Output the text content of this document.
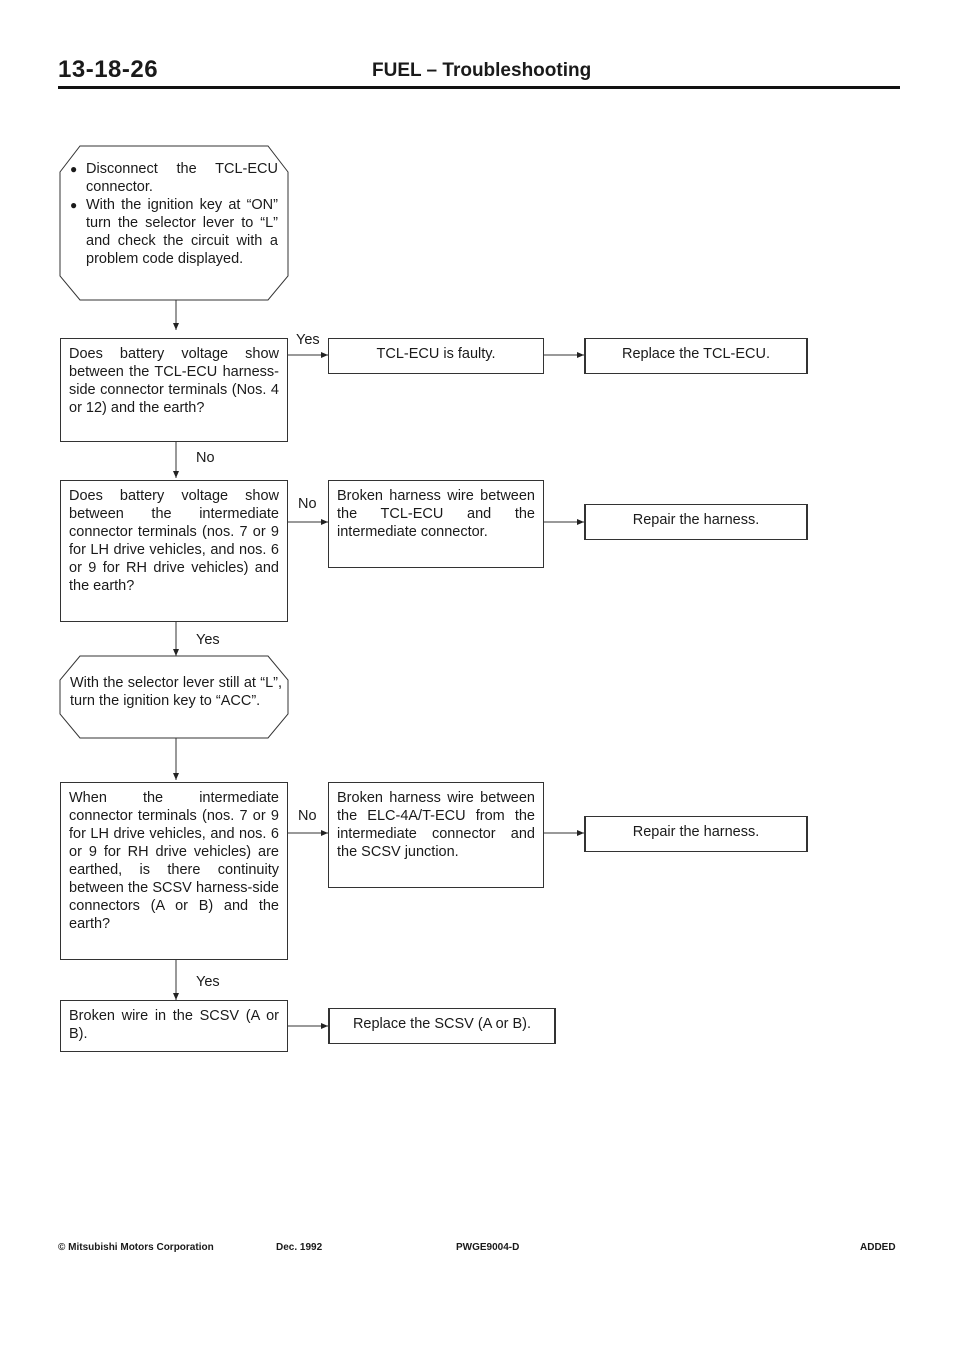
13-18-26	FUEL – Troubleshooting
● Disconnect the TCL-ECU connector.
● With the ignition key at “ON” turn the selector lever to “L” and check the circuit with a problem code displayed.

Does battery voltage show between the TCL-ECU harness-side connector terminals (Nos. 4 or 12) and the earth?

Yes

TCL-ECU is faulty.	Replace the TCL-ECU.

No

Does battery voltage show between the intermediate connector terminals (nos. 7 or 9 for LH drive vehicles, and nos. 6 or 9 for RH drive vehicles) and the earth?

No Broken harness wire between the TCL-ECU and the intermediate connector.

Repair the harness.

Yes

With the selector lever still at “L”, turn the ignition key to “ACC”.

When the intermediate connector terminals (nos. 7 or 9 for LH drive vehicles, and nos. 6 or 9 for RH drive vehicles) are earthed, is there continuity between the SCSV harness-side connectors (A or B) and the earth?

No

Broken harness wire between the ELC-4A/T-ECU from the intermediate connector and the SCSV junction.

Repair the harness.

Yes

Broken wire in the SCSV (A or B).

Replace the SCSV (A or B).

© Mitsubishi Motors Corporation	Dec. 1992	PWGE9004-D	ADDED
